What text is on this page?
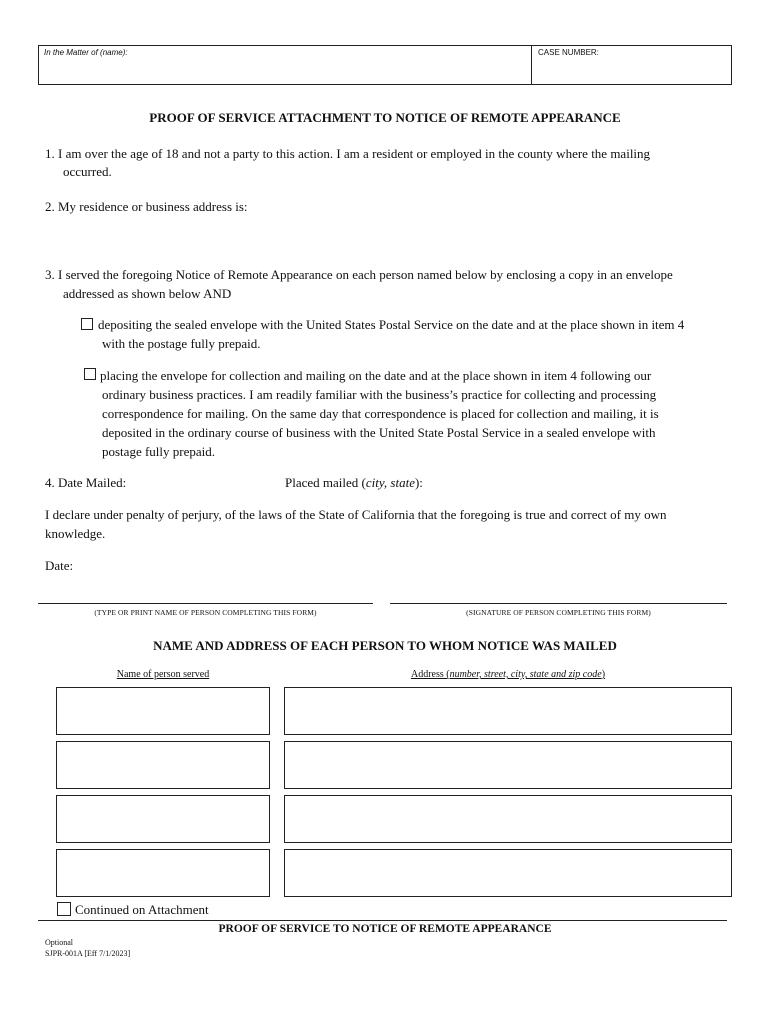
In the Matter of (name):	CASE NUMBER:
PROOF OF SERVICE ATTACHMENT TO NOTICE OF REMOTE APPEARANCE
1. I am over the age of 18 and not a party to this action. I am a resident or employed in the county where the mailing
occurred.
2. My residence or business address is:
3. I served the foregoing Notice of Remote Appearance on each person named below by enclosing a copy in an envelope
addressed as shown below AND
depositing the sealed envelope with the United States Postal Service on the date and at the place shown in item 4
with the postage fully prepaid.
placing the envelope for collection and mailing on the date and at the place shown in item 4 following our
ordinary business practices. I am readily familiar with the business’s practice for collecting and processing
correspondence for mailing. On the same day that correspondence is placed for collection and mailing, it is
deposited in the ordinary course of business with the United State Postal Service in a sealed envelope with
postage fully prepaid.
4. Date Mailed:	Placed mailed (city, state):
I declare under penalty of perjury, of the laws of the State of California that the foregoing is true and correct of my own
knowledge.
Date:
(TYPE OR PRINT NAME OF PERSON COMPLETING THIS FORM)	(SIGNATURE OF PERSON COMPLETING THIS FORM)
NAME AND ADDRESS OF EACH PERSON TO WHOM NOTICE WAS MAILED
Name of person served	Address (number, street, city, state and zip code)
Continued on Attachment
PROOF OF SERVICE TO NOTICE OF REMOTE APPEARANCE
Optional
SJPR-001A [Eff 7/1/2023]
